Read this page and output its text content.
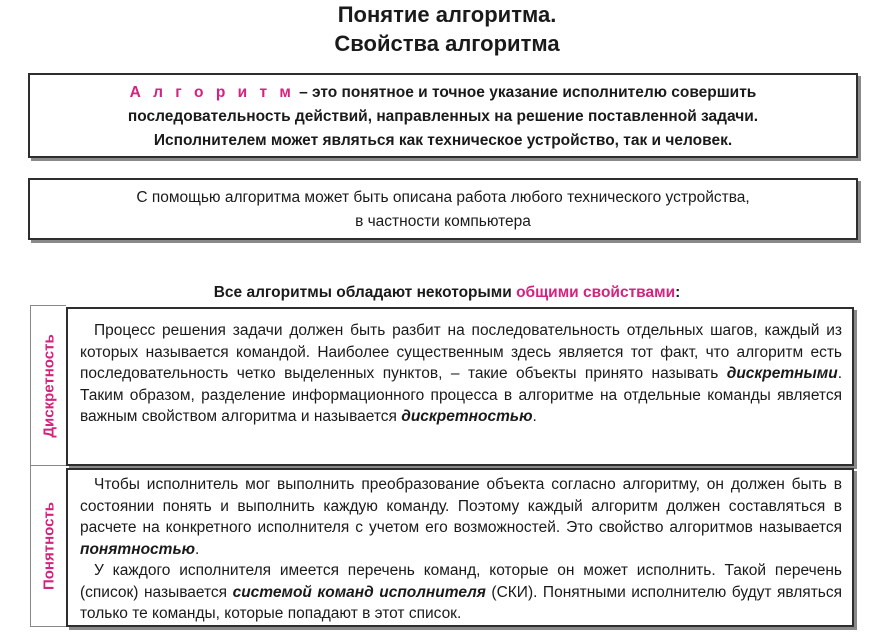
Понятие алгоритма.
Свойства алгоритма
А л г о р и т м – это понятное и точное указание исполнителю совершить
последовательность действий, направленных на решение поставленной задачи.
Исполнителем может являться как техническое устройство, так и человек.
С помощью алгоритма может быть описана работа любого технического устройства,
в частности компьютера
Все алгоритмы обладают некоторыми общими свойствами:
Дискретность
Понятность

Процесс решения задачи должен быть разбит на последовательность отдельных шагов, каждый из которых называется командой. Наиболее существенным здесь является тот факт, что алгоритм есть последовательность четко выделенных пунктов, – такие объекты принято называть дискретными. Таким образом, разделение информационного процесса в алгоритме на отдельные команды является важным свойством алгоритма и называется дискретностью.

Чтобы исполнитель мог выполнить преобразование объекта согласно алгоритму, он должен быть в состоянии понять и выполнить каждую команду. Поэтому каждый алгоритм должен составляться в расчете на конкретного исполнителя с учетом его возможностей. Это свойство алгоритмов называется понятностью.

У каждого исполнителя имеется перечень команд, которые он может исполнить. Такой перечень (список) называется системой команд исполнителя (СКИ). Понятными исполнителю будут являться только те команды, которые попадают в этот список.
